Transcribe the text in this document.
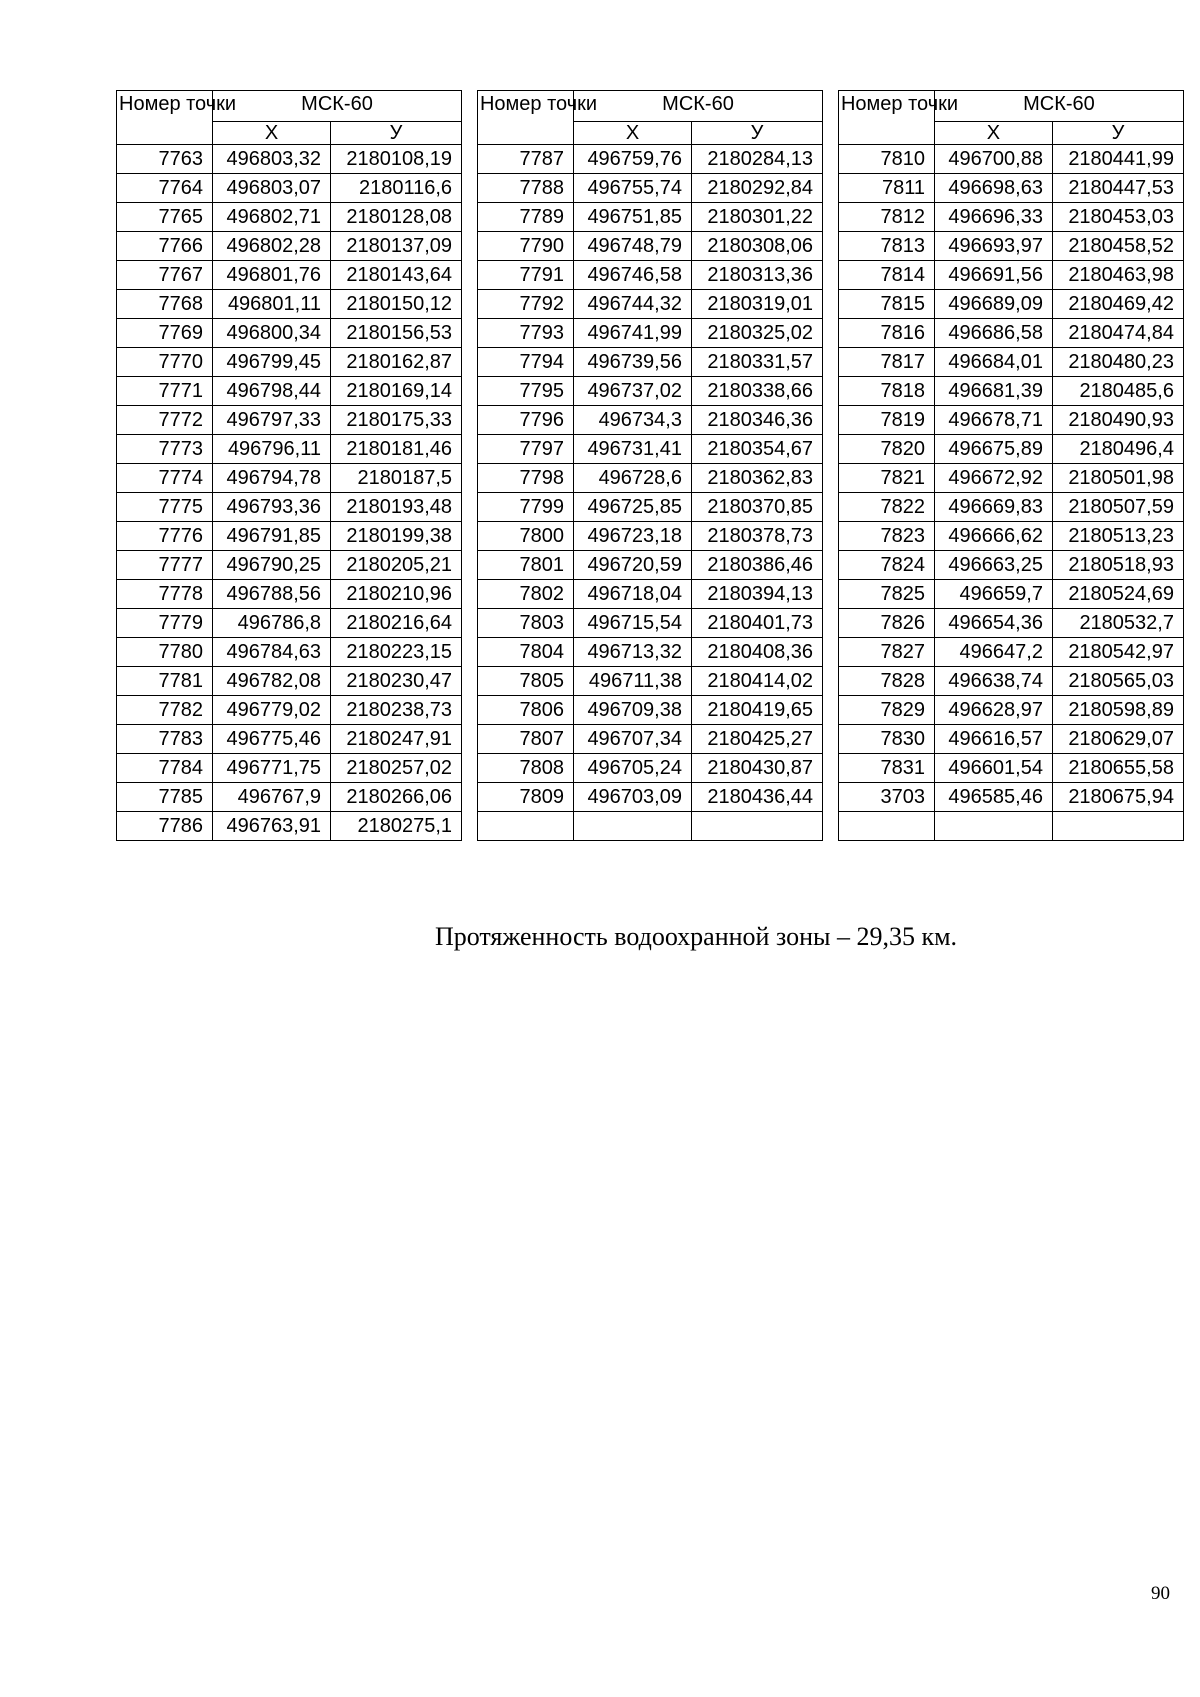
Номер точки	МСК-60	
	Х	У
7763	496803,32	2180108,19
7764	496803,07	2180116,6
7765	496802,71	2180128,08
7766	496802,28	2180137,09
7767	496801,76	2180143,64
7768	496801,11	2180150,12
7769	496800,34	2180156,53
7770	496799,45	2180162,87
7771	496798,44	2180169,14
7772	496797,33	2180175,33
7773	496796,11	2180181,46
7774	496794,78	2180187,5
7775	496793,36	2180193,48
7776	496791,85	2180199,38
7777	496790,25	2180205,21
7778	496788,56	2180210,96
7779	496786,8	2180216,64
7780	496784,63	2180223,15
7781	496782,08	2180230,47
7782	496779,02	2180238,73
7783	496775,46	2180247,91
7784	496771,75	2180257,02
7785	496767,9	2180266,06
7786	496763,91	2180275,1
Номер точки	МСК-60	
	Х	У
7787	496759,76	2180284,13
7788	496755,74	2180292,84
7789	496751,85	2180301,22
7790	496748,79	2180308,06
7791	496746,58	2180313,36
7792	496744,32	2180319,01
7793	496741,99	2180325,02
7794	496739,56	2180331,57
7795	496737,02	2180338,66
7796	496734,3	2180346,36
7797	496731,41	2180354,67
7798	496728,6	2180362,83
7799	496725,85	2180370,85
7800	496723,18	2180378,73
7801	496720,59	2180386,46
7802	496718,04	2180394,13
7803	496715,54	2180401,73
7804	496713,32	2180408,36
7805	496711,38	2180414,02
7806	496709,38	2180419,65
7807	496707,34	2180425,27
7808	496705,24	2180430,87
7809	496703,09	2180436,44

Номер точки	МСК-60	
	Х	У
7810	496700,88	2180441,99
7811	496698,63	2180447,53
7812	496696,33	2180453,03
7813	496693,97	2180458,52
7814	496691,56	2180463,98
7815	496689,09	2180469,42
7816	496686,58	2180474,84
7817	496684,01	2180480,23
7818	496681,39	2180485,6
7819	496678,71	2180490,93
7820	496675,89	2180496,4
7821	496672,92	2180501,98
7822	496669,83	2180507,59
7823	496666,62	2180513,23
7824	496663,25	2180518,93
7825	496659,7	2180524,69
7826	496654,36	2180532,7
7827	496647,2	2180542,97
7828	496638,74	2180565,03
7829	496628,97	2180598,89
7830	496616,57	2180629,07
7831	496601,54	2180655,58
3703	496585,46	2180675,94

Протяженность водоохранной зоны – 29,35 км.
90
